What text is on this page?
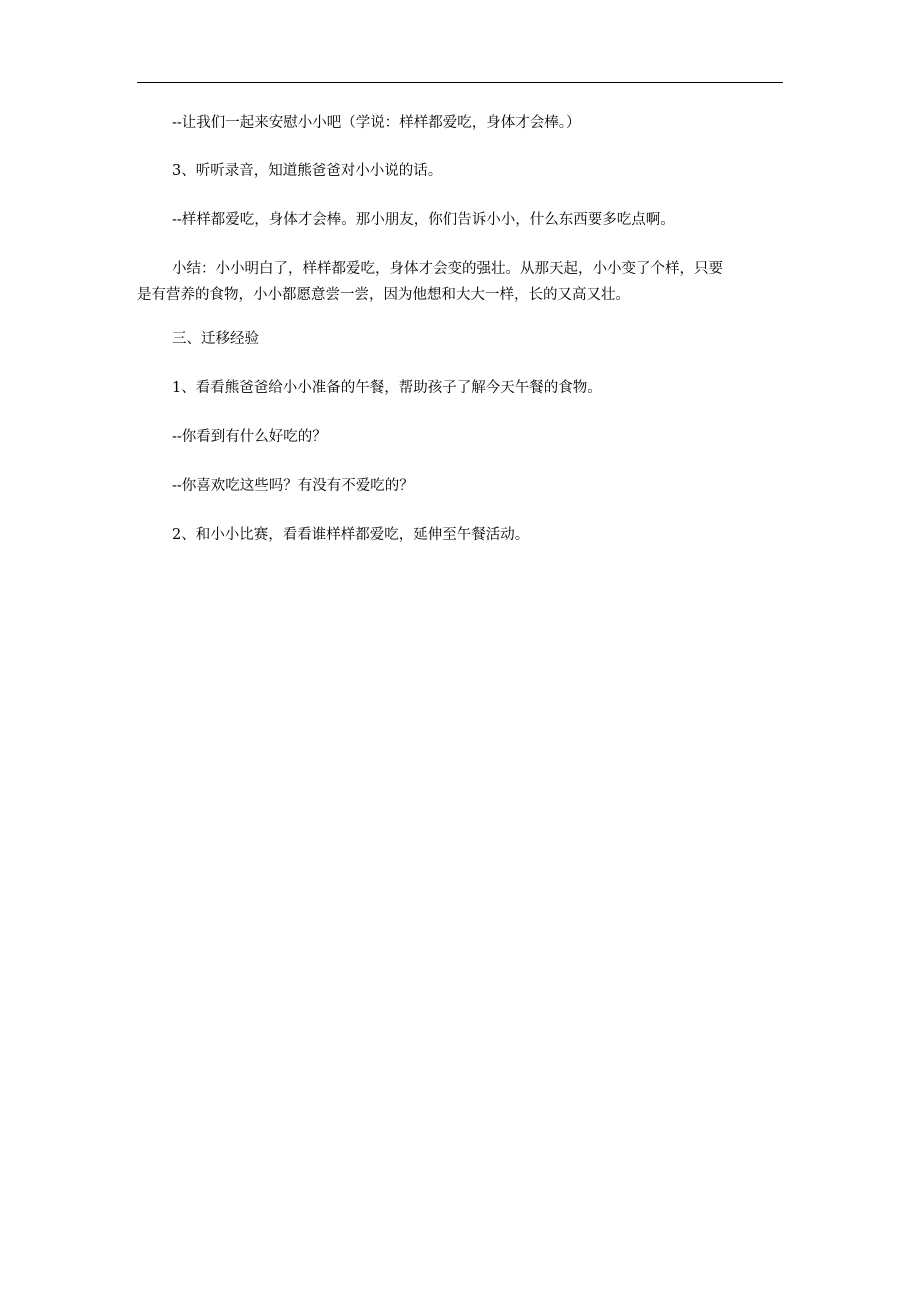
--让我们一起来安慰小小吧（学说：样样都爱吃，身体才会棒。）

3、听听录音，知道熊爸爸对小小说的话。

--样样都爱吃，身体才会棒。那小朋友，你们告诉小小，什么东西要多吃点啊。

小结：小小明白了，样样都爱吃，身体才会变的强壮。从那天起，小小变了个样，只要
是有营养的食物，小小都愿意尝一尝，因为他想和大大一样，长的又高又壮。

三、迁移经验

1、看看熊爸爸给小小准备的午餐，帮助孩子了解今天午餐的食物。

--你看到有什么好吃的？

--你喜欢吃这些吗？有没有不爱吃的？

2、和小小比赛，看看谁样样都爱吃，延伸至午餐活动。
